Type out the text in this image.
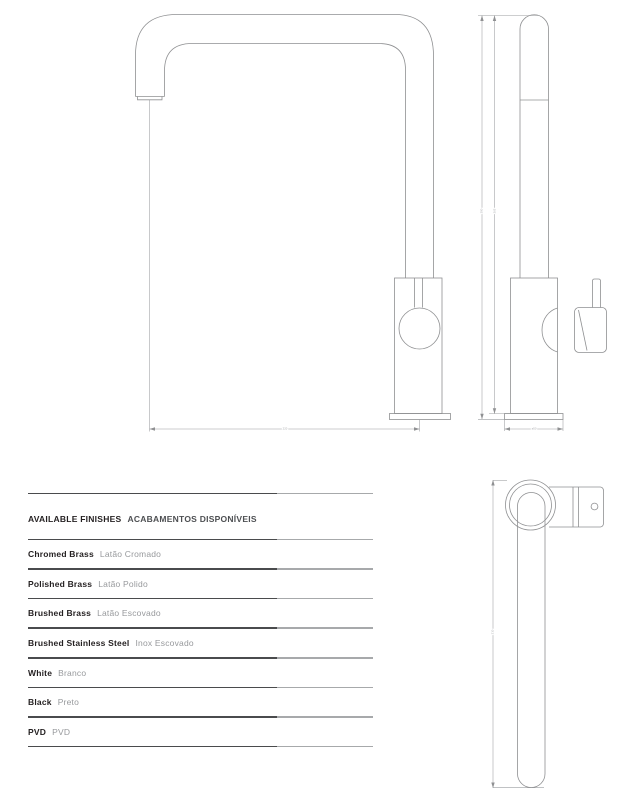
220
390 365
ø50
310
AVAILABLE FINISHES ACABAMENTOS DISPONÍVEIS
Chromed Brass Latão Cromado
Polished Brass Latão Polido
Brushed Brass Latão Escovado
Brushed Stainless Steel Inox Escovado
White Branco
Black Preto
PVD PVD
